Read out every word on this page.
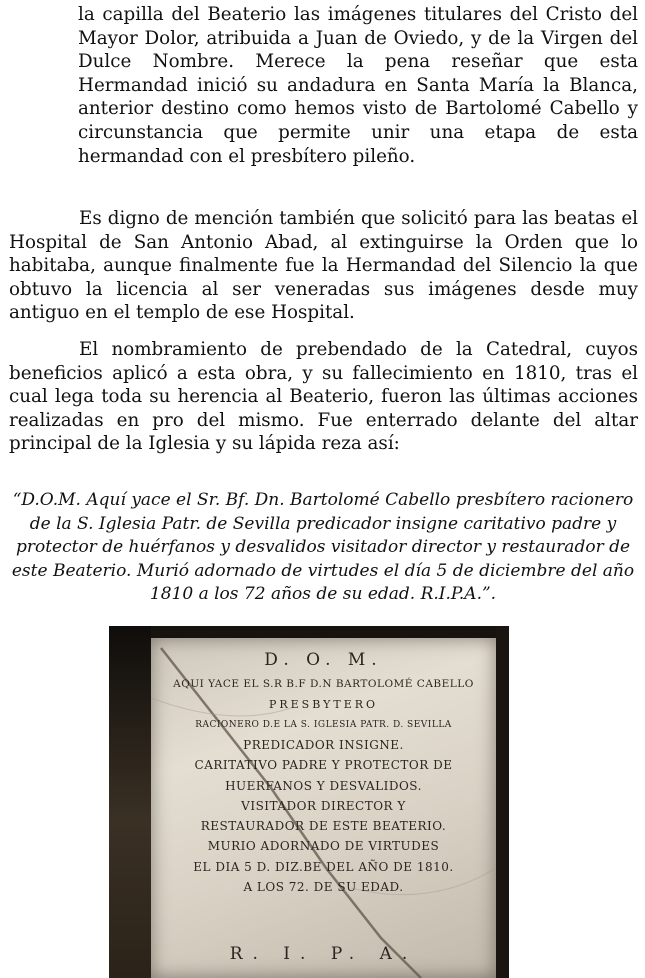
la capilla del Beaterio las imágenes titulares del Cristo del Mayor Dolor, atribuida a Juan de Oviedo, y de la Virgen del Dulce Nombre. Merece la pena reseñar que esta Hermandad inició su andadura en Santa María la Blanca, anterior destino como hemos visto de Bartolomé Cabello y circunstancia que permite unir una etapa de esta hermandad con el presbítero pileño.

Es digno de mención también que solicitó para las beatas el Hospital de San Antonio Abad, al extinguirse la Orden que lo habitaba, aunque finalmente fue la Hermandad del Silencio la que obtuvo la licencia al ser veneradas sus imágenes desde muy antiguo en el templo de ese Hospital.

El nombramiento de prebendado de la Catedral, cuyos beneficios aplicó a esta obra, y su fallecimiento en 1810, tras el cual lega toda su herencia al Beaterio, fueron las últimas acciones realizadas en pro del mismo. Fue enterrado delante del altar principal de la Iglesia y su lápida reza así:

“D.O.M. Aquí yace el Sr. Bf. Dn. Bartolomé Cabello presbítero racionero de la S. Iglesia Patr. de Sevilla predicador insigne caritativo padre y protector de huérfanos y desvalidos visitador director y restaurador de este Beaterio. Murió adornado de virtudes el día 5 de diciembre del año 1810 a los 72 años de su edad. R.I.P.A.”.

D. O. M.
AQUI YACE EL S.R B.F D.N BARTOLOMÉ CABELLO
PRESBYTERO
RACIONERO D.E LA S. IGLESIA PATR. D. SEVILLA
PREDICADOR INSIGNE.
CARITATIVO PADRE Y PROTECTOR DE
HUERFANOS Y DESVALIDOS.
VISITADOR DIRECTOR Y
RESTAURADOR DE ESTE BEATERIO.
MURIO ADORNADO DE VIRTUDES
EL DIA 5 D. DIZ.BE DEL AÑO DE 1810.
A LOS 72. DE SU EDAD.
R. I. P. A.
